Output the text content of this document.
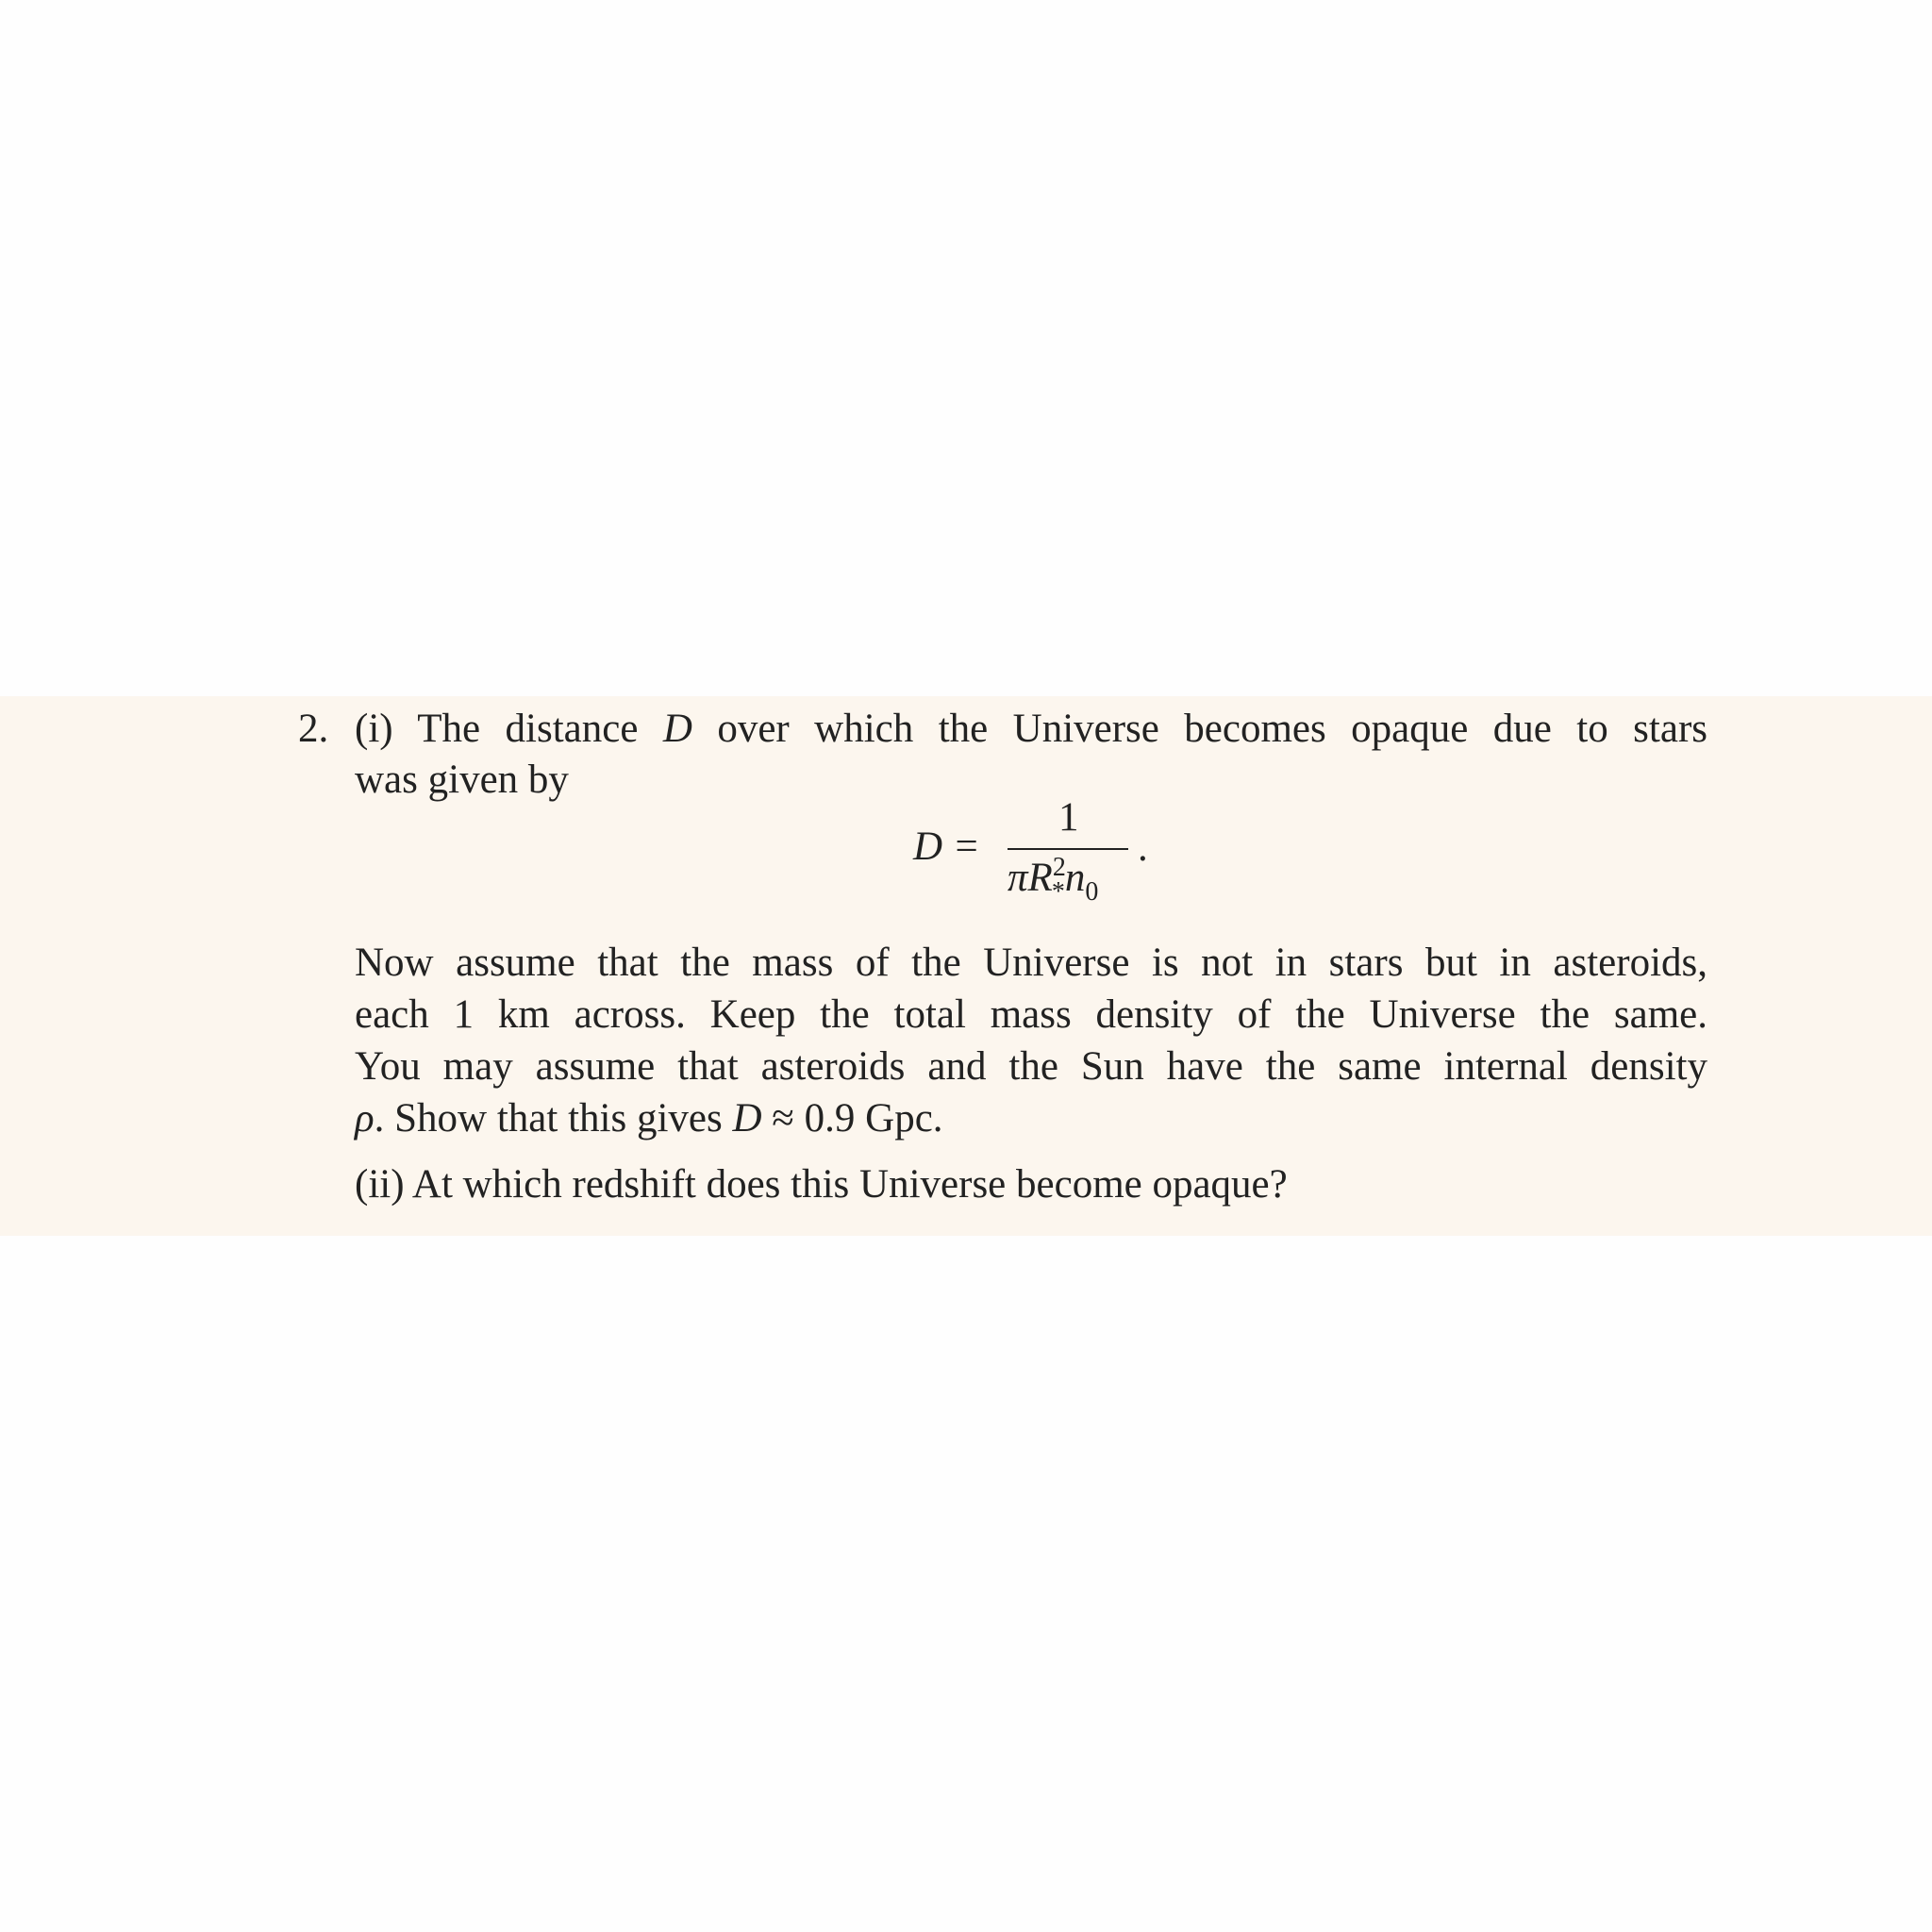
2. (i) The distance D over which the Universe becomes opaque due to stars
was given by
D =
1
$\pi R^2_*n_0$
.
Now assume that the mass of the Universe is not in stars but in asteroids,
each 1 km across. Keep the total mass density of the Universe the same.
You may assume that asteroids and the Sun have the same internal density
ρ. Show that this gives D ≈ 0.9 Gpc.
(ii) At which redshift does this Universe become opaque?
